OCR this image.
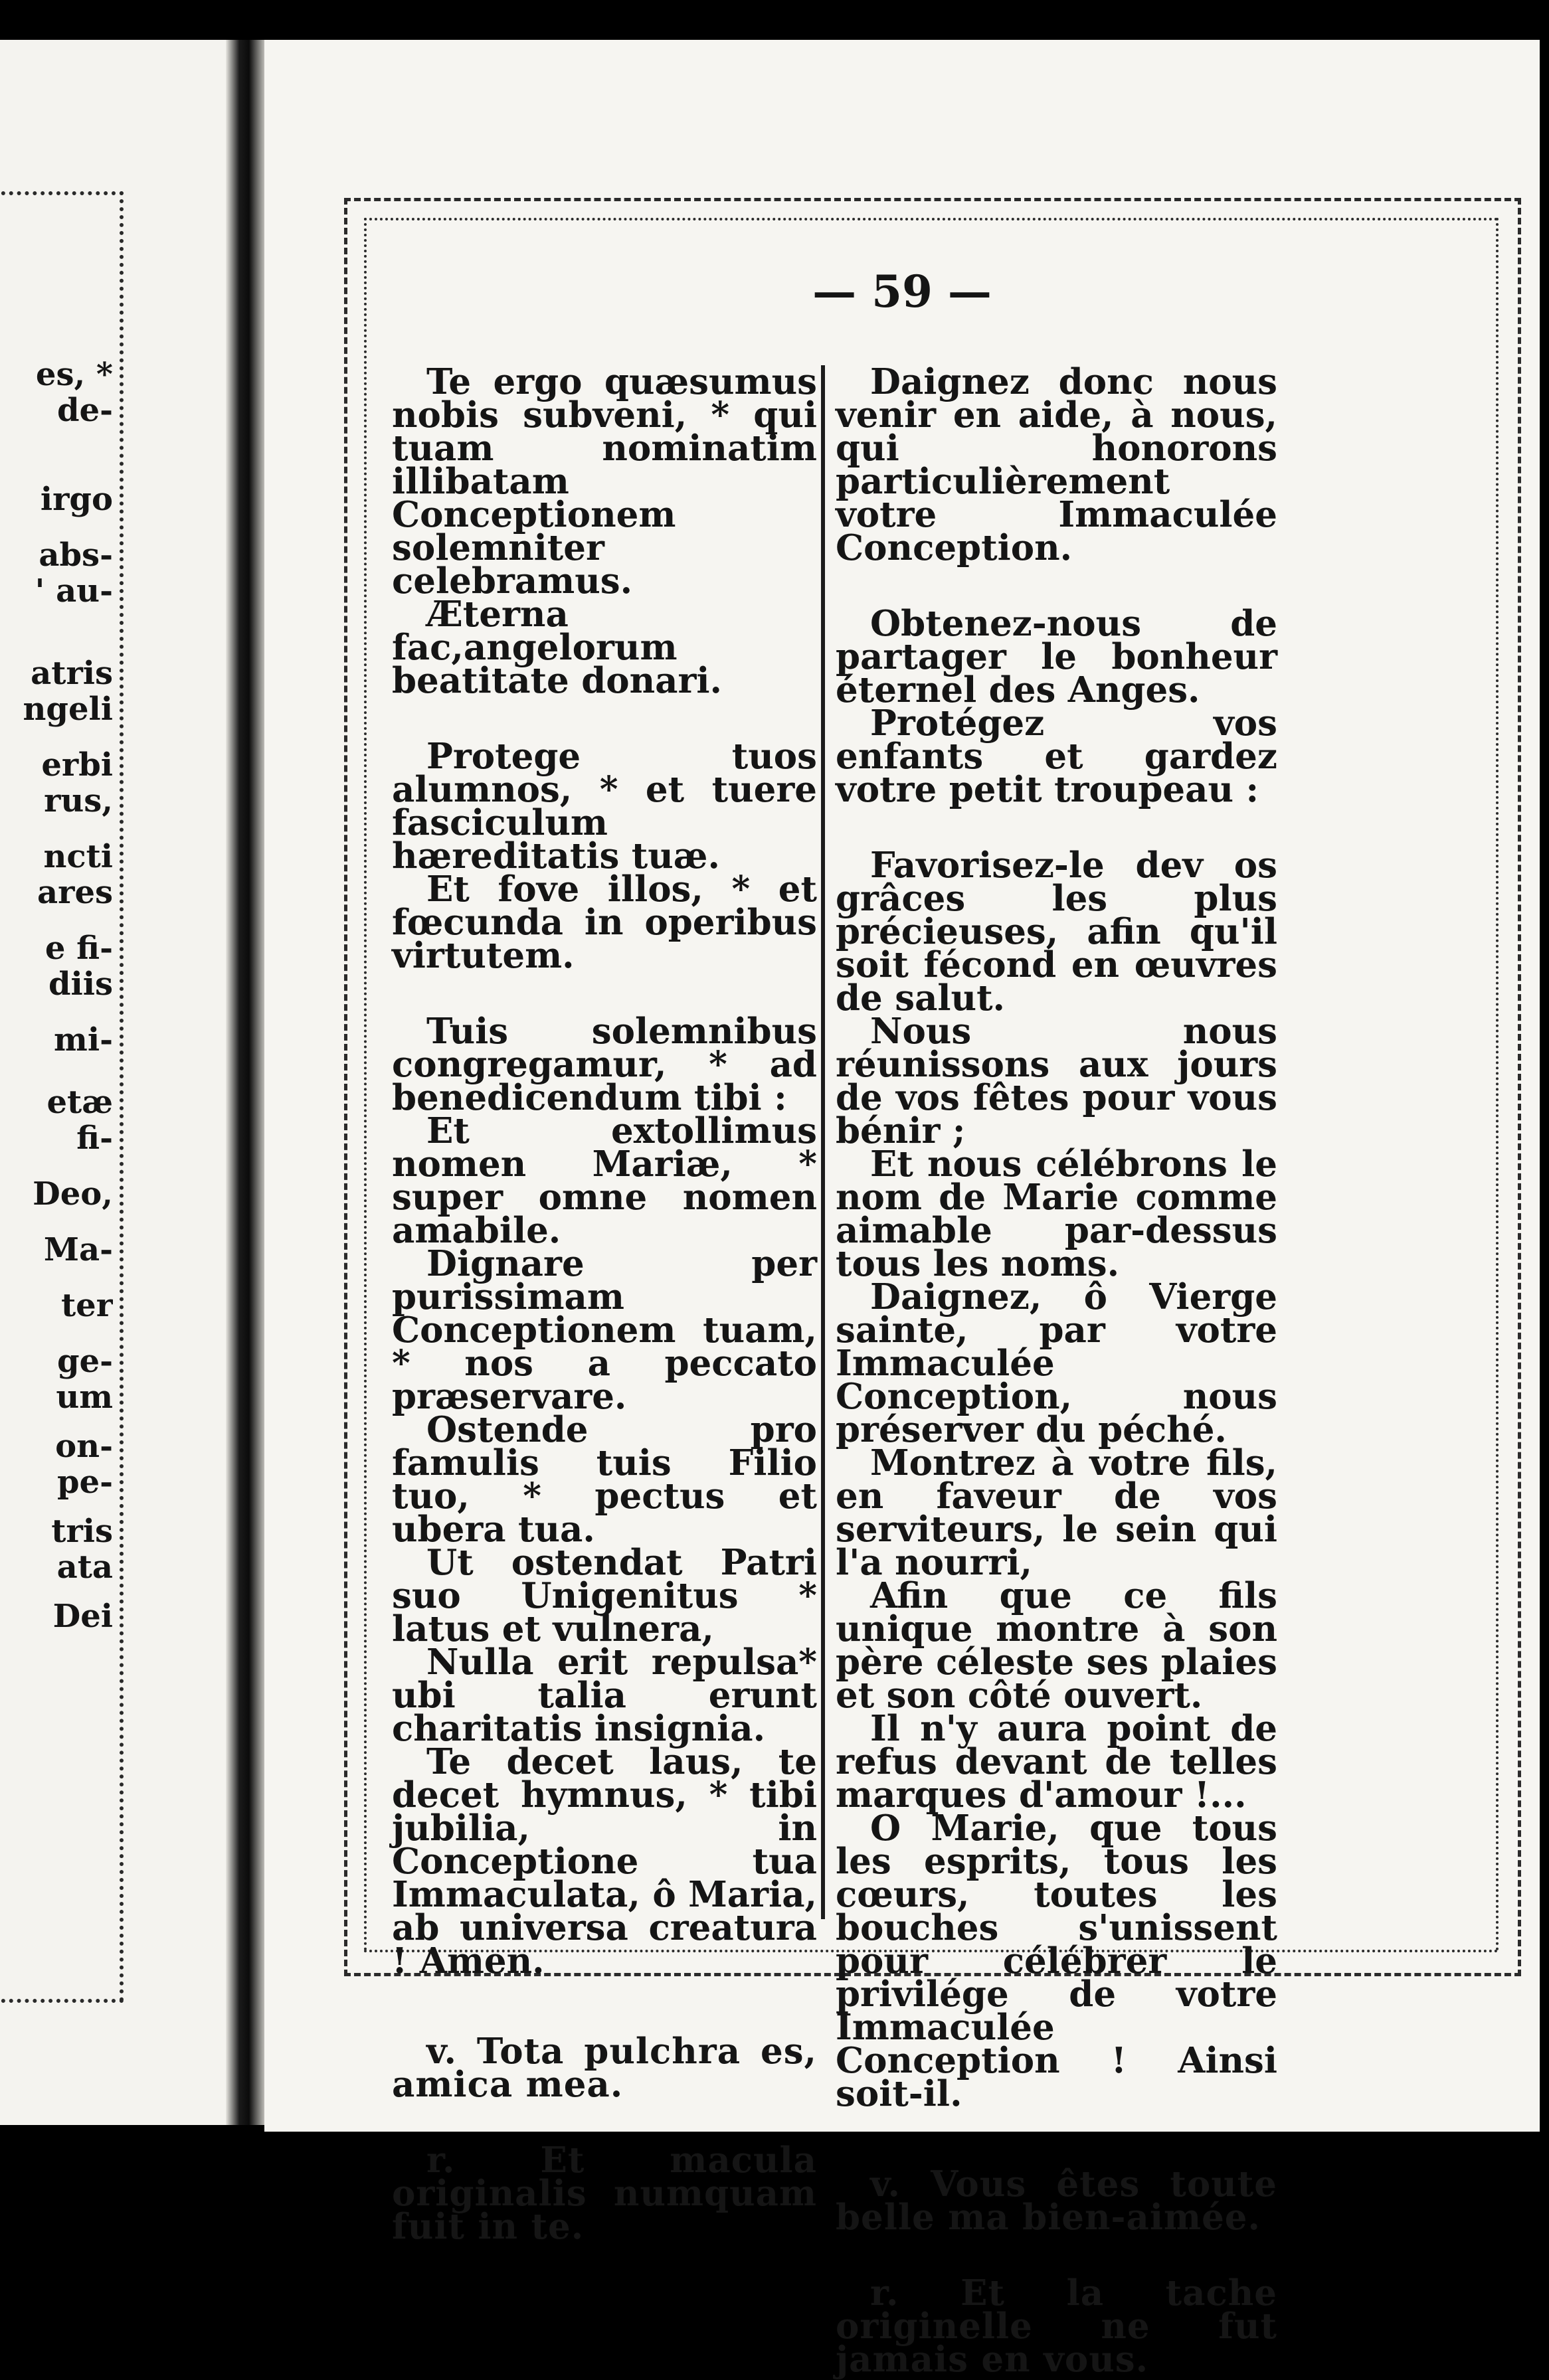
es, *
de-
irgo
abs-
' au-
atris
ngeli
erbi
rus,
ncti
ares
e fi-
diis
mi-
etæ
fi-
Deo,
Ma-
ter
ge-
um
on-
pe-
tris
ata
Dei
— 59 —

Te ergo quæsumus nobis subveni, * qui tuam nominatim illibatam Conceptionem solemniter celebramus.

Æterna fac,angelorum beatitate donari.

Protege tuos alumnos, * et tuere fasciculum hæreditatis tuæ.

Et fove illos, * et fœcunda in operibus virtutem.

Tuis solemnibus congregamur, * ad benedicendum tibi :

Et extollimus nomen Mariæ, * super omne nomen amabile.

Dignare per purissimam Conceptionem tuam, * nos a peccato præservare.

Ostende pro famulis tuis Filio tuo, * pectus et ubera tua.

Ut ostendat Patri suo Unigenitus * latus et vulnera,

Nulla erit repulsa* ubi talia erunt charitatis insignia.

Te decet laus, te decet hymnus, * tibi jubilia, in Conceptione tua Immaculata, ô Maria, ab universa creatura ! Amen.

v. Tota pulchra es, amica mea.

r. Et macula originalis numquam fuit in te.

Daignez donc nous venir en aide, à nous, qui honorons particulièrement votre Immaculée Conception.

Obtenez-nous de partager le bonheur éternel des Anges.

Protégez vos enfants et gardez votre petit troupeau :

Favorisez-le dev os grâces les plus précieuses, afin qu'il soit fécond en œuvres de salut.

Nous nous réunissons aux jours de vos fêtes pour vous bénir ;

Et nous célébrons le nom de Marie comme aimable par-dessus tous les noms.

Daignez, ô Vierge sainte, par votre Immaculée Conception, nous préserver du péché.

Montrez à votre fils, en faveur de vos serviteurs, le sein qui l'a nourri,

Afin que ce fils unique montre à son père céleste ses plaies et son côté ouvert.

Il n'y aura point de refus devant de telles marques d'amour !...

O Marie, que tous les esprits, tous les cœurs, toutes les bouches s'unissent pour célébrer le privilége de votre Immaculée Conception ! Ainsi soit-il.

v. Vous êtes toute belle ma bien-aimée.

r. Et la tache originelle ne fut jamais en vous.
